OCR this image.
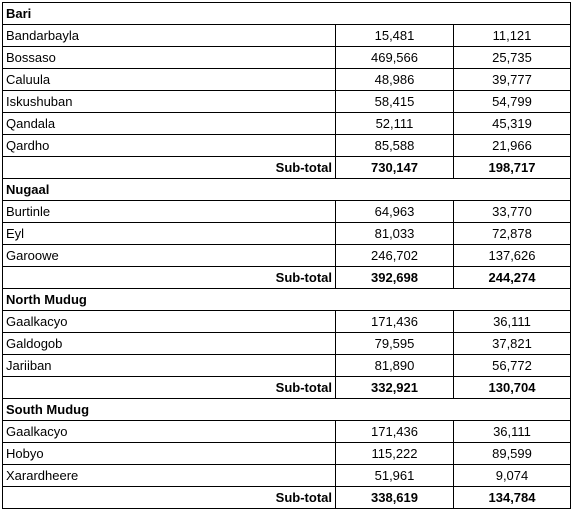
Bari		
Bandarbayla	15,481	11,121
Bossaso	469,566	25,735
Caluula	48,986	39,777
Iskushuban	58,415	54,799
Qandala	52,111	45,319
Qardho	85,588	21,966
Sub-total	730,147	198,717
Nugaal		
Burtinle	64,963	33,770
Eyl	81,033	72,878
Garoowe	246,702	137,626
Sub-total	392,698	244,274
North Mudug		
Gaalkacyo	171,436	36,111
Galdogob	79,595	37,821
Jariiban	81,890	56,772
Sub-total	332,921	130,704
South Mudug		
Gaalkacyo	171,436	36,111
Hobyo	115,222	89,599
Xarardheere	51,961	9,074
Sub-total	338,619	134,784
